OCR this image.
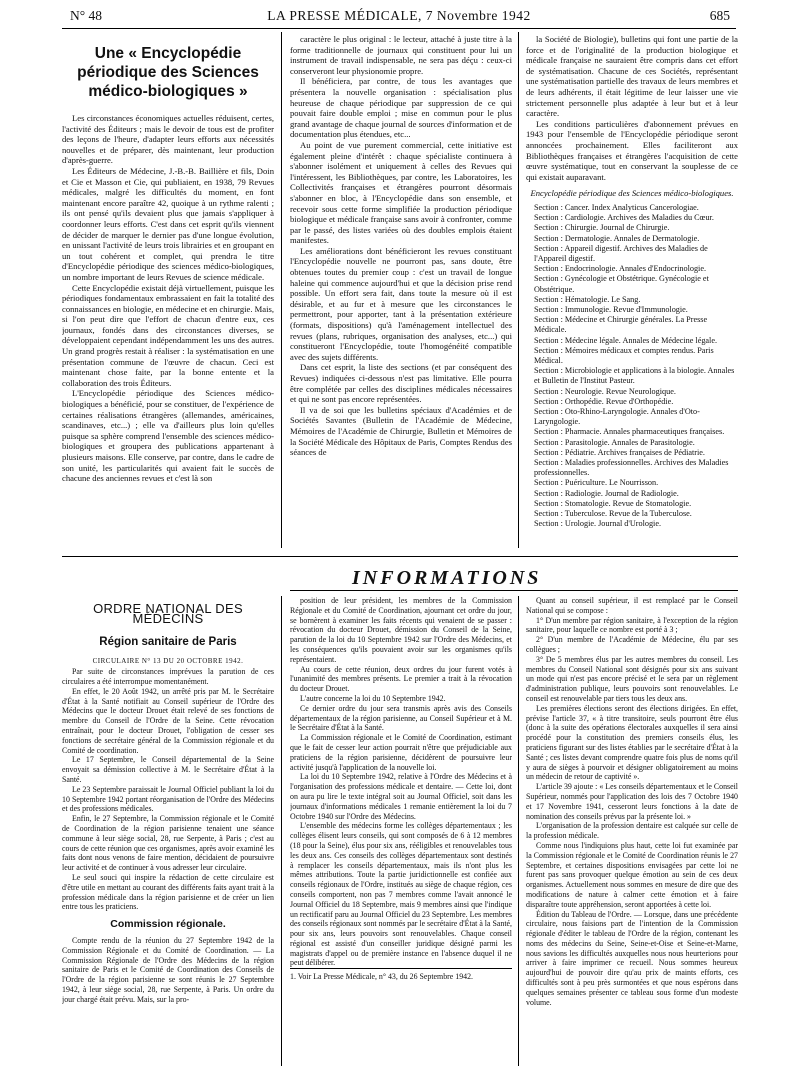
N° 48	LA PRESSE MÉDICALE, 7 Novembre 1942	685
Une « Encyclopédie périodique des Sciences médico-biologiques »

Les circonstances économiques actuelles réduisent, certes, l'activité des Éditeurs ; mais le devoir de tous est de profiter des leçons de l'heure, d'adapter leurs efforts aux nécessités nouvelles et de préparer, dès maintenant, leur production d'après-guerre.

Les Éditeurs de Médecine, J.-B.-B. Baillière et fils, Doin et Cie et Masson et Cie, qui publiaient, en 1938, 79 Revues médicales, malgré les difficultés du moment, en font maintenant encore paraître 42, quoique à un rythme ralenti ; ils ont pensé qu'ils devaient plus que jamais s'appliquer à coordonner leurs efforts. C'est dans cet esprit qu'ils viennent de décider de marquer le dernier pas d'une longue évolution, en unissant l'activité de leurs trois librairies et en groupant en un tout cohérent et complet, qui prendra le titre d'Encyclopédie périodique des sciences médico-biologiques, un nombre important de leurs Revues de science médicale.

Cette Encyclopédie existait déjà virtuellement, puisque les périodiques fondamentaux embrassaient en fait la totalité des connaissances en biologie, en médecine et en chirurgie. Mais, si l'on peut dire que l'effort de chacun d'entre eux, ces journaux, fondés dans des circonstances diverses, se développaient cependant indépendamment les uns des autres. Un grand progrès restait à réaliser : la systématisation en une présentation commune de l'œuvre de chacun. Ceci est maintenant chose faite, par la bonne entente et la collaboration des trois Éditeurs.

L'Encyclopédie périodique des Sciences médico-biologiques a bénéficié, pour se constituer, de l'expérience de certaines réalisations étrangères (allemandes, américaines, scandinaves, etc...) ; elle va d'ailleurs plus loin qu'elles puisque sa sphère comprend l'ensemble des sciences médico-biologiques et groupera des publications appartenant à plusieurs maisons. Elle conserve, par contre, dans le cadre de son unité, les particularités qui avaient fait le succès de chacune des anciennes revues et c'est là son

caractère le plus original : le lecteur, attaché à juste titre à la forme traditionnelle de journaux qui constituent pour lui un instrument de travail indispensable, ne sera pas déçu : ceux-ci conserveront leur physionomie propre.

Il bénéficiera, par contre, de tous les avantages que présentera la nouvelle organisation : spécialisation plus heureuse de chaque périodique par suppression de ce qui pouvait faire double emploi ; mise en commun pour le plus grand avantage de chaque journal de sources d'information et de documentation plus étendues, etc...

Au point de vue purement commercial, cette initiative est également pleine d'intérêt : chaque spécialiste continuera à s'abonner isolément et uniquement à celles des Revues qui l'intéressent, les Bibliothèques, par contre, les Laboratoires, les Collectivités françaises et étrangères pourront désormais s'abonner en bloc, à l'Encyclopédie dans son ensemble, et recevoir sous cette forme simplifiée la production périodique biologique et médicale française sans avoir à confronter, comme par le passé, des listes variées où des doubles emplois étaient manifestes.

Les améliorations dont bénéficieront les revues constituant l'Encyclopédie nouvelle ne pourront pas, sans doute, être obtenues toutes du premier coup : c'est un travail de longue haleine qui commence aujourd'hui et que la décision prise rend possible. Un effort sera fait, dans toute la mesure où il est désirable, et au fur et à mesure que les circonstances le permettront, pour apporter, tant à la présentation extérieure (formats, dispositions) qu'à l'aménagement intellectuel des revues (plans, rubriques, organisation des analyses, etc...) qui constitueront l'Encyclopédie, toute l'homogénéité compatible avec des sujets différents.

Dans cet esprit, la liste des sections (et par conséquent des Revues) indiquées ci-dessous n'est pas limitative. Elle pourra être complétée par celles des disciplines médicales nécessaires et qui ne sont pas encore représentées.

Il va de soi que les bulletins spéciaux d'Académies et de Sociétés Savantes (Bulletin de l'Académie de Médecine, Mémoires de l'Académie de Chirurgie, Bulletin et Mémoires de la Société Médicale des Hôpitaux de Paris, Comptes Rendus des séances de

la Société de Biologie), bulletins qui font une partie de la force et de l'originalité de la production biologique et médicale française ne sauraient être compris dans cet effort de systématisation. Chacune de ces Sociétés, représentant une systématisation partielle des travaux de leurs membres et de leurs adhérents, il était légitime de leur laisser une vie strictement personnelle plus adaptée à leur but et à leur caractère.

Les conditions particulières d'abonnement prévues en 1943 pour l'ensemble de l'Encyclopédie périodique seront annoncées prochainement. Elles faciliteront aux Bibliothèques françaises et étrangères l'acquisition de cette œuvre systématique, tout en conservant la souplesse de ce qui existait auparavant.

Encyclopédie périodique des Sciences médico-biologiques.

Section : Cancer. Index Analyticus Cancerologiae.

Section : Cardiologie. Archives des Maladies du Cœur.

Section : Chirurgie. Journal de Chirurgie.

Section : Dermatologie. Annales de Dermatologie.

Section : Appareil digestif. Archives des Maladies de l'Appareil digestif.

Section : Endocrinologie. Annales d'Endocrinologie.

Section : Gynécologie et Obstétrique. Gynécologie et Obstétrique.

Section : Hématologie. Le Sang.

Section : Immunologie. Revue d'Immunologie.

Section : Médecine et Chirurgie générales. La Presse Médicale.

Section : Médecine légale. Annales de Médecine légale.

Section : Mémoires médicaux et comptes rendus. Paris Médical.

Section : Microbiologie et applications à la biologie. Annales et Bulletin de l'Institut Pasteur.

Section : Neurologie. Revue Neurologique.

Section : Orthopédie. Revue d'Orthopédie.

Section : Oto-Rhino-Laryngologie. Annales d'Oto-Laryngologie.

Section : Pharmacie. Annales pharmaceutiques françaises.

Section : Parasitologie. Annales de Parasitologie.

Section : Pédiatrie. Archives françaises de Pédiatrie.

Section : Maladies professionnelles. Archives des Maladies professionnelles.

Section : Puériculture. Le Nourrisson.

Section : Radiologie. Journal de Radiologie.

Section : Stomatologie. Revue de Stomatologie.

Section : Tuberculose. Revue de la Tuberculose.

Section : Urologie. Journal d'Urologie.

INFORMATIONS
ORDRE NATIONAL DES MÉDECINS
Région sanitaire de Paris

CIRCULAIRE N° 13 DU 20 OCTOBRE 1942.

Par suite de circonstances imprévues la parution de ces circulaires a été interrompue momentanément.

En effet, le 20 Août 1942, un arrêté pris par M. le Secrétaire d'État à la Santé notifiait au Conseil supérieur de l'Ordre des Médecins que le docteur Drouet était relevé de ses fonctions de membre du Conseil de l'Ordre de la Seine. Cette révocation entraînait, pour le docteur Drouet, l'obligation de cesser ses fonctions de secrétaire général de la Commission régionale et du Comité de coordination.

Le 17 Septembre, le Conseil départemental de la Seine envoyait sa démission collective à M. le Secrétaire d'État à la Santé.

Le 23 Septembre paraissait le Journal Officiel publiant la loi du 10 Septembre 1942 portant réorganisation de l'Ordre des Médecins et des professions médicales.

Enfin, le 27 Septembre, la Commission régionale et le Comité de Coordination de la région parisienne tenaient une séance commune à leur siège social, 28, rue Serpente, à Paris ; c'est au cours de cette réunion que ces organismes, après avoir examiné les faits dont nous venons de faire mention, décidaient de poursuivre leur activité et de continuer à vous adresser leur circulaire.

Le seul souci qui inspire la rédaction de cette circulaire est d'être utile en mettant au courant des différents faits ayant trait à la profession médicale dans la région parisienne et de créer un lien entre tous les praticiens.

Commission régionale.

Compte rendu de la réunion du 27 Septembre 1942 de la Commission Régionale et du Comité de Coordination. — La Commission Régionale de l'Ordre des Médecins de la région sanitaire de Paris et le Comité de Coordination des Conseils de l'Ordre de la région parisienne se sont réunis le 27 Septembre 1942, à leur siège social, 28, rue Serpente, à Paris. Un ordre du jour chargé était prévu. Mais, sur la pro-

position de leur président, les membres de la Commission Régionale et du Comité de Coordination, ajournant cet ordre du jour, se bornèrent à examiner les faits récents qui venaient de se passer : révocation du docteur Drouet, démission du Conseil de la Seine, parution de la loi du 10 Septembre 1942 sur l'Ordre des Médecins, et les conséquences qu'ils pouvaient avoir sur les organismes qu'ils représentaient.

Au cours de cette réunion, deux ordres du jour furent votés à l'unanimité des membres présents. Le premier a trait à la révocation du docteur Drouet.

L'autre concerne la loi du 10 Septembre 1942.

Ce dernier ordre du jour sera transmis après avis des Conseils départementaux de la région parisienne, au Conseil Supérieur et à M. le Secrétaire d'État à la Santé.

La Commission régionale et le Comité de Coordination, estimant que le fait de cesser leur action pourrait n'être que préjudiciable aux praticiens de la région parisienne, décidèrent de poursuivre leur activité jusqu'à l'application de la nouvelle loi.

La loi du 10 Septembre 1942, relative à l'Ordre des Médecins et à l'organisation des professions médicale et dentaire. — Cette loi, dont on aura pu lire le texte intégral soit au Journal Officiel, soit dans les journaux d'informations médicales 1 remanie entièrement la loi du 7 Octobre 1940 sur l'Ordre des Médecins.

L'ensemble des médecins forme les collèges départementaux ; les collèges élisent leurs conseils, qui sont composés de 6 à 12 membres (18 pour la Seine), élus pour six ans, rééligibles et renouvelables tous les deux ans. Ces conseils des collèges départementaux sont destinés à remplacer les conseils départementaux, mais ils n'ont plus les mêmes attributions. Toute la partie juridictionnelle est confiée aux conseils régionaux de l'Ordre, institués au siège de chaque région, ces conseils comportent, non pas 7 membres comme l'avait annoncé le Journal Officiel du 18 Septembre, mais 9 membres ainsi que l'indique un rectificatif paru au Journal Officiel du 23 Septembre. Les membres des conseils régionaux sont nommés par le secrétaire d'État à la Santé, pour six ans, leurs pouvoirs sont renouvelables. Chaque conseil régional est assisté d'un conseiller juridique désigné parmi les magistrats d'appel ou de première instance en l'absence duquel il ne peut délibérer.

1. Voir La Presse Médicale, n° 43, du 26 Septembre 1942.

Quant au conseil supérieur, il est remplacé par le Conseil National qui se compose :

1° D'un membre par région sanitaire, à l'exception de la région sanitaire, pour laquelle ce nombre est porté à 3 ;

2° D'un membre de l'Académie de Médecine, élu par ses collègues ;

3° De 5 membres élus par les autres membres du conseil. Les membres du Conseil National sont désignés pour six ans suivant un mode qui n'est pas encore précisé et le sera par un règlement d'administration publique, leurs pouvoirs sont renouvelables. Le conseil est renouvelable par tiers tous les deux ans.

Les premières élections seront des élections dirigées. En effet, prévise l'article 37, « à titre transitoire, seuls pourront être élus (donc à la suite des opérations électorales auxquelles il sera ainsi procédé pour la constitution des premiers conseils élus, les praticiens figurant sur des listes établies par le secrétaire d'État à la Santé ; ces listes devant comprendre quatre fois plus de noms qu'il y aura de sièges à pourvoir et désigner obligatoirement au moins un médecin de retour de captivité ».

L'article 39 ajoute : « Les conseils départementaux et le Conseil Supérieur, nommés pour l'application des lois des 7 Octobre 1940 et 17 Novembre 1941, cesseront leurs fonctions à la date de nomination des conseils prévus par la présente loi. »

L'organisation de la profession dentaire est calquée sur celle de la profession médicale.

Comme nous l'indiquions plus haut, cette loi fut examinée par la Commission régionale et le Comité de Coordination réunis le 27 Septembre, et certaines dispositions envisagées par cette loi ne furent pas sans provoquer quelque émotion au sein de ces deux organismes. Actuellement nous sommes en mesure de dire que des modifications de nature à calmer cette émotion et à faire disparaître toute appréhension, seront apportées à cette loi.

Édition du Tableau de l'Ordre. — Lorsque, dans une précédente circulaire, nous faisions part de l'intention de la Commission régionale d'éditer le tableau de l'Ordre de la région, contenant les noms des médecins du Seine, Seine-et-Oise et Seine-et-Marne, nous savions les difficultés auxquelles nous nous heurterions pour arriver à faire imprimer ce recueil. Nous sommes heureux aujourd'hui de pouvoir dire qu'au prix de maints efforts, ces difficultés sont à peu près surmontées et que nous espérons dans quelques semaines présenter ce tableau sous forme d'un modeste volume.
